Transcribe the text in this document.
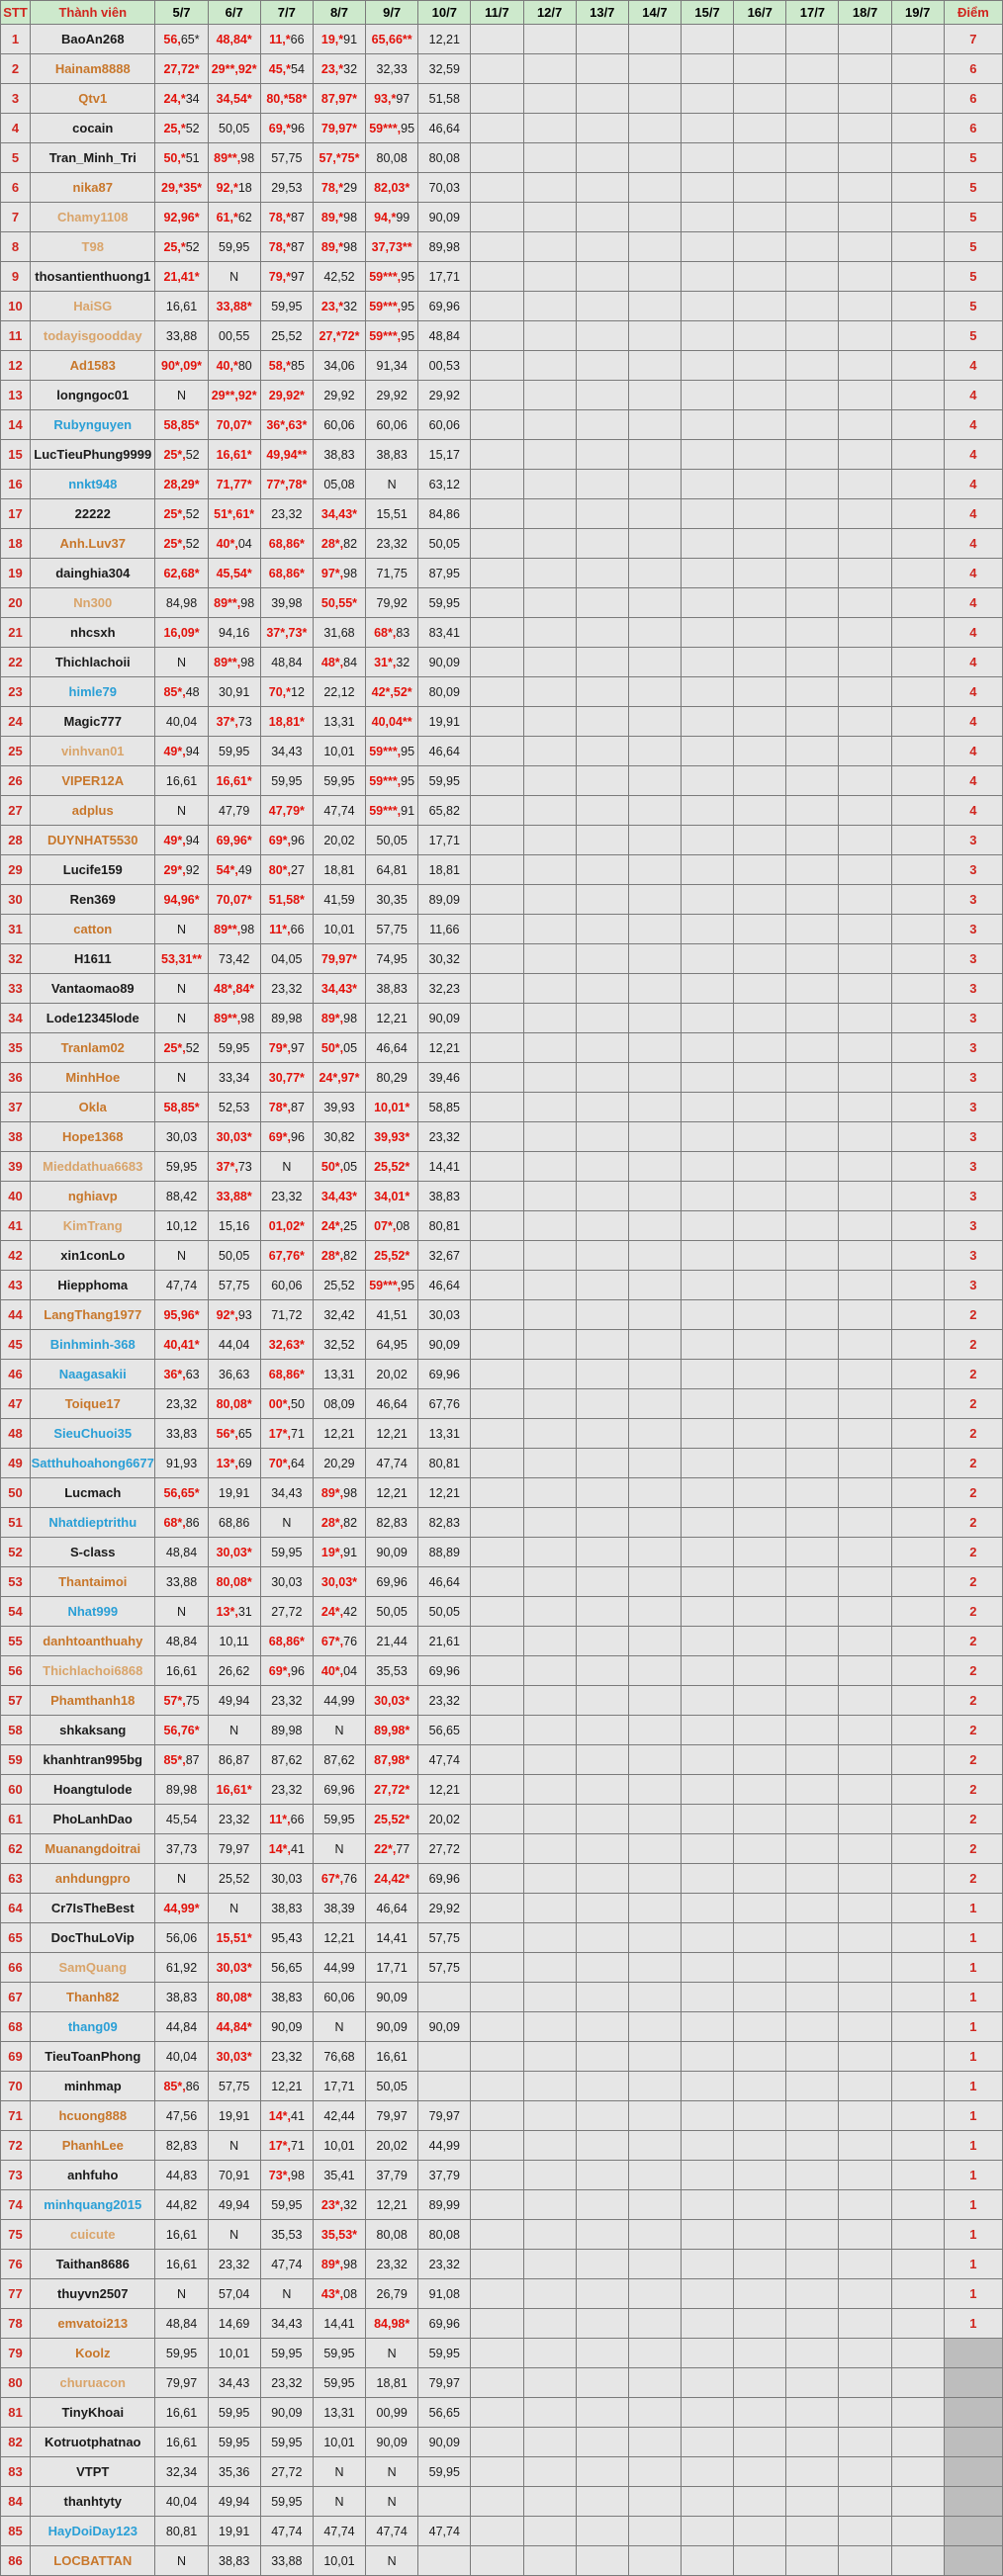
STT	Thành viên	5/7	6/7	7/7	8/7	9/7	10/7	11/7	12/7	13/7	14/7	15/7	16/7	17/7	18/7	19/7	Điểm
1	BaoAn268	56,65*	48,84*	11,*66	19,*91	65,66**	12,21										7
2	Hainam8888	27,72*	29**,92*	45,*54	23,*32	32,33	32,59										6
3	Qtv1	24,*34	34,54*	80,*58*	87,97*	93,*97	51,58										6
4	cocain	25,*52	50,05	69,*96	79,97*	59***,95	46,64										6
5	Tran_Minh_Tri	50,*51	89**,98	57,75	57,*75*	80,08	80,08										5
6	nika87	29,*35*	92,*18	29,53	78,*29	82,03*	70,03										5
7	Chamy1108	92,96*	61,*62	78,*87	89,*98	94,*99	90,09										5
8	T98	25,*52	59,95	78,*87	89,*98	37,73**	89,98										5
9	thosantienthuong1	21,41*	N	79,*97	42,52	59***,95	17,71										5
10	HaiSG	16,61	33,88*	59,95	23,*32	59***,95	69,96										5
11	todayisgoodday	33,88	00,55	25,52	27,*72*	59***,95	48,84										5
12	Ad1583	90*,09*	40,*80	58,*85	34,06	91,34	00,53										4
13	longngoc01	N	29**,92*	29,92*	29,92	29,92	29,92										4
14	Rubynguyen	58,85*	70,07*	36*,63*	60,06	60,06	60,06										4
15	LucTieuPhung9999	25*,52	16,61*	49,94**	38,83	38,83	15,17										4
16	nnkt948	28,29*	71,77*	77*,78*	05,08	N	63,12										4
17	22222	25*,52	51*,61*	23,32	34,43*	15,51	84,86										4
18	Anh.Luv37	25*,52	40*,04	68,86*	28*,82	23,32	50,05										4
19	dainghia304	62,68*	45,54*	68,86*	97*,98	71,75	87,95										4
20	Nn300	84,98	89**,98	39,98	50,55*	79,92	59,95										4
21	nhcsxh	16,09*	94,16	37*,73*	31,68	68*,83	83,41										4
22	Thichlachoii	N	89**,98	48,84	48*,84	31*,32	90,09										4
23	himle79	85*,48	30,91	70,*12	22,12	42*,52*	80,09										4
24	Magic777	40,04	37*,73	18,81*	13,31	40,04**	19,91										4
25	vinhvan01	49*,94	59,95	34,43	10,01	59***,95	46,64										4
26	VIPER12A	16,61	16,61*	59,95	59,95	59***,95	59,95										4
27	adplus	N	47,79	47,79*	47,74	59***,91	65,82										4
28	DUYNHAT5530	49*,94	69,96*	69*,96	20,02	50,05	17,71										3
29	Lucife159	29*,92	54*,49	80*,27	18,81	64,81	18,81										3
30	Ren369	94,96*	70,07*	51,58*	41,59	30,35	89,09										3
31	catton	N	89**,98	11*,66	10,01	57,75	11,66										3
32	H1611	53,31**	73,42	04,05	79,97*	74,95	30,32										3
33	Vantaomao89	N	48*,84*	23,32	34,43*	38,83	32,23										3
34	Lode12345lode	N	89**,98	89,98	89*,98	12,21	90,09										3
35	Tranlam02	25*,52	59,95	79*,97	50*,05	46,64	12,21										3
36	MinhHoe	N	33,34	30,77*	24*,97*	80,29	39,46										3
37	Okla	58,85*	52,53	78*,87	39,93	10,01*	58,85										3
38	Hope1368	30,03	30,03*	69*,96	30,82	39,93*	23,32										3
39	Mieddathua6683	59,95	37*,73	N	50*,05	25,52*	14,41										3
40	nghiavp	88,42	33,88*	23,32	34,43*	34,01*	38,83										3
41	KimTrang	10,12	15,16	01,02*	24*,25	07*,08	80,81										3
42	xin1conLo	N	50,05	67,76*	28*,82	25,52*	32,67										3
43	Hiepphoma	47,74	57,75	60,06	25,52	59***,95	46,64										3
44	LangThang1977	95,96*	92*,93	71,72	32,42	41,51	30,03										2
45	Binhminh-368	40,41*	44,04	32,63*	32,52	64,95	90,09										2
46	Naagasakii	36*,63	36,63	68,86*	13,31	20,02	69,96										2
47	Toique17	23,32	80,08*	00*,50	08,09	46,64	67,76										2
48	SieuChuoi35	33,83	56*,65	17*,71	12,21	12,21	13,31										2
49	Satthuhoahong6677	91,93	13*,69	70*,64	20,29	47,74	80,81										2
50	Lucmach	56,65*	19,91	34,43	89*,98	12,21	12,21										2
51	Nhatdieptrithu	68*,86	68,86	N	28*,82	82,83	82,83										2
52	S-class	48,84	30,03*	59,95	19*,91	90,09	88,89										2
53	Thantaimoi	33,88	80,08*	30,03	30,03*	69,96	46,64										2
54	Nhat999	N	13*,31	27,72	24*,42	50,05	50,05										2
55	danhtoanthuahy	48,84	10,11	68,86*	67*,76	21,44	21,61										2
56	Thichlachoi6868	16,61	26,62	69*,96	40*,04	35,53	69,96										2
57	Phamthanh18	57*,75	49,94	23,32	44,99	30,03*	23,32										2
58	shkaksang	56,76*	N	89,98	N	89,98*	56,65										2
59	khanhtran995bg	85*,87	86,87	87,62	87,62	87,98*	47,74										2
60	Hoangtulode	89,98	16,61*	23,32	69,96	27,72*	12,21										2
61	PhoLanhDao	45,54	23,32	11*,66	59,95	25,52*	20,02										2
62	Muanangdoitrai	37,73	79,97	14*,41	N	22*,77	27,72										2
63	anhdungpro	N	25,52	30,03	67*,76	24,42*	69,96										2
64	Cr7IsTheBest	44,99*	N	38,83	38,39	46,64	29,92										1
65	DocThuLoVip	56,06	15,51*	95,43	12,21	14,41	57,75										1
66	SamQuang	61,92	30,03*	56,65	44,99	17,71	57,75										1
67	Thanh82	38,83	80,08*	38,83	60,06	90,09											1
68	thang09	44,84	44,84*	90,09	N	90,09	90,09										1
69	TieuToanPhong	40,04	30,03*	23,32	76,68	16,61											1
70	minhmap	85*,86	57,75	12,21	17,71	50,05											1
71	hcuong888	47,56	19,91	14*,41	42,44	79,97	79,97										1
72	PhanhLee	82,83	N	17*,71	10,01	20,02	44,99										1
73	anhfuho	44,83	70,91	73*,98	35,41	37,79	37,79										1
74	minhquang2015	44,82	49,94	59,95	23*,32	12,21	89,99										1
75	cuicute	16,61	N	35,53	35,53*	80,08	80,08										1
76	Taithan8686	16,61	23,32	47,74	89*,98	23,32	23,32										1
77	thuyvn2507	N	57,04	N	43*,08	26,79	91,08										1
78	emvatoi213	48,84	14,69	34,43	14,41	84,98*	69,96										1
79	Koolz	59,95	10,01	59,95	59,95	N	59,95										
80	churuacon	79,97	34,43	23,32	59,95	18,81	79,97										
81	TinyKhoai	16,61	59,95	90,09	13,31	00,99	56,65										
82	Kotruotphatnao	16,61	59,95	59,95	10,01	90,09	90,09										
83	VTPT	32,34	35,36	27,72	N	N	59,95										
84	thanhtyty	40,04	49,94	59,95	N	N											
85	HayDoiDay123	80,81	19,91	47,74	47,74	47,74	47,74										
86	LOCBATTAN	N	38,83	33,88	10,01	N											
